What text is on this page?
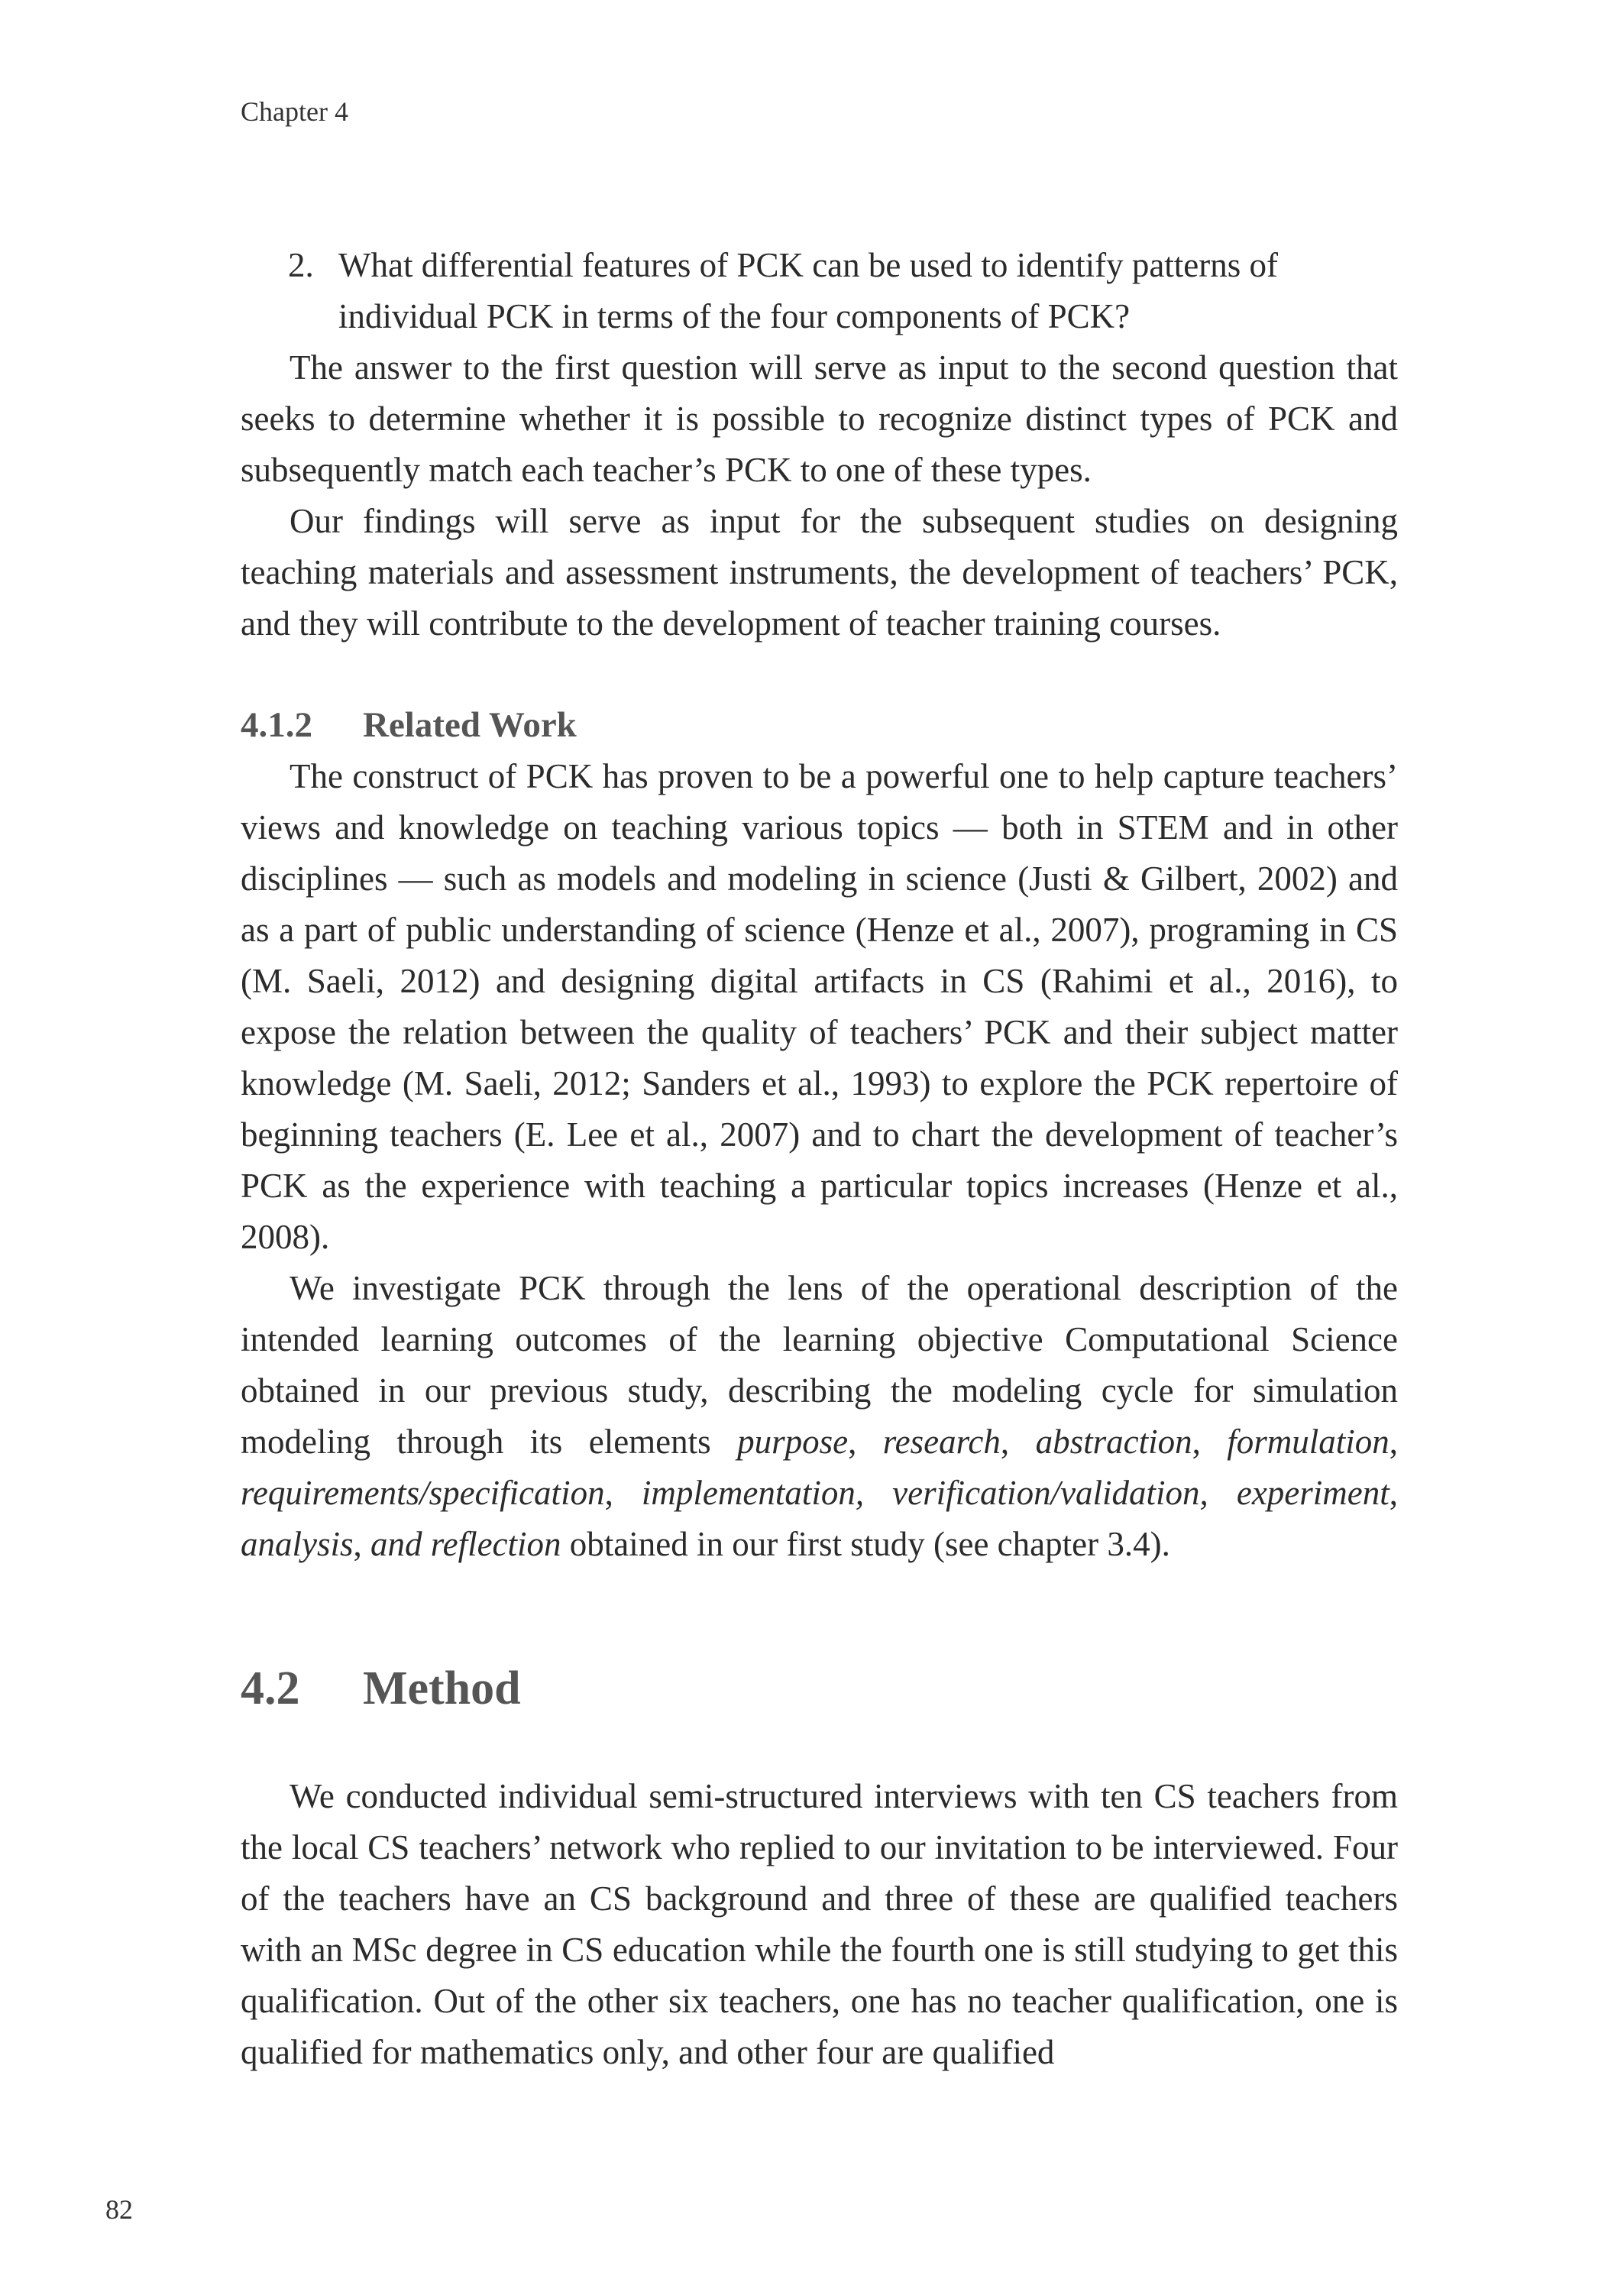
Chapter 4

2. What differential features of PCK can be used to identify patterns of individual PCK in terms of the four components of PCK?

The answer to the first question will serve as input to the second question that seeks to determine whether it is possible to recognize distinct types of PCK and subsequently match each teacher’s PCK to one of these types.

Our findings will serve as input for the subsequent studies on designing teaching materials and assessment instruments, the development of teachers’ PCK, and they will contribute to the development of teacher training courses.

4.1.2 Related Work

The construct of PCK has proven to be a powerful one to help capture teachers’ views and knowledge on teaching various topics — both in STEM and in other disciplines — such as models and modeling in science (Justi & Gilbert, 2002) and as a part of public understanding of science (Henze et al., 2007), programing in CS (M. Saeli, 2012) and designing digital artifacts in CS (Rahimi et al., 2016), to expose the relation between the quality of teachers’ PCK and their subject matter knowledge (M. Saeli, 2012; Sanders et al., 1993) to explore the PCK repertoire of beginning teachers (E. Lee et al., 2007) and to chart the development of teacher’s PCK as the experience with teaching a particular topics increases (Henze et al., 2008).

We investigate PCK through the lens of the operational description of the intended learning outcomes of the learning objective Computational Science obtained in our previous study, describing the modeling cycle for simulation modeling through its elements purpose, research, abstraction, formulation, requirements/specification, implementation, verification/validation, experiment, analysis, and reflection obtained in our first study (see chapter 3.4).

4.2 Method

We conducted individual semi-structured interviews with ten CS teachers from the local CS teachers’ network who replied to our invitation to be interviewed. Four of the teachers have an CS background and three of these are qualified teachers with an MSc degree in CS education while the fourth one is still studying to get this qualification. Out of the other six teachers, one has no teacher qualification, one is qualified for mathematics only, and other four are qualified

82
